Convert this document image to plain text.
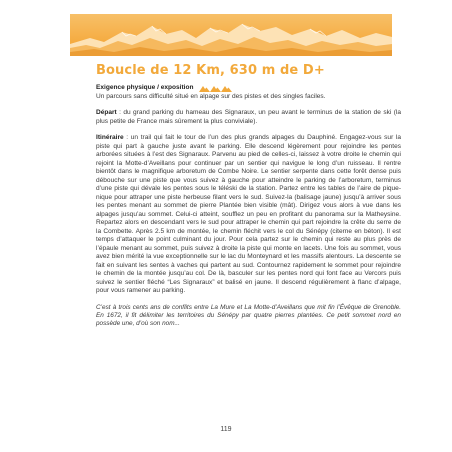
Boucle de 12 Km, 630 m de D+
Exigence physique / exposition

Un parcours sans difficulté situé en alpage sur des pistes et des singles faciles.

Départ : du grand parking du hameau des Signaraux, un peu avant le terminus de la station de ski (la plus petite de France mais sûrement la plus conviviale).

Itinéraire : un trail qui fait le tour de l’un des plus grands alpages du Dauphiné. Engagez-vous sur la piste qui part à gauche juste avant le parking. Elle descend légèrement pour rejoindre les pentes arborées situées à l’est des Signaraux. Parvenu au pied de celles-ci, laissez à votre droite le chemin qui rejoint la Motte-d’Aveillans pour continuer par un sentier qui navigue le long d’un ruisseau. Il rentre bientôt dans le magnifique arboretum de Combe Noire. Le sentier serpente dans cette forêt dense puis débouche sur une piste que vous suivez à gauche pour atteindre le parking de l’arboretum, terminus d’une piste qui dévale les pentes sous le téléski de la station. Partez entre les tables de l’aire de pique-nique pour attraper une piste herbeuse filant vers le sud. Suivez-la (balisage jaune) jusqu’à arriver sous les pentes menant au sommet de pierre Plantée bien visible (mât). Dirigez vous alors à vue dans les alpages jusqu’au sommet. Celui-ci atteint, soufflez un peu en profitant du panorama sur la Matheysine. Repartez alors en descendant vers le sud pour attraper le chemin qui part rejoindre la crête du serre de la Combette. Après 2.5 km de montée, le chemin fléchit vers le col du Sénépy (citerne en béton). Il est temps d’attaquer le point culminant du jour. Pour cela partez sur le chemin qui reste au plus près de l’épaule menant au sommet, puis suivez à droite la piste qui monte en lacets. Une fois au sommet, vous avez bien mérité la vue exceptionnelle sur le lac du Monteynard et les massifs alentours. La descente se fait en suivant les sentes à vaches qui partent au sud. Contournez rapidement le sommet pour rejoindre le chemin de la montée jusqu’au col. De là, basculer sur les pentes nord qui font face au Vercors puis suivez le sentier fléché “Les Signaraux” et balisé en jaune. Il descend régulièrement à flanc d’alpage, pour vous ramener au parking.

C’est à trois cents ans de conflits entre La Mure et La Motte-d’Aveillans que mit fin l’Évêque de Grenoble. En 1672, il fit délimiter les territoires du Sénépy par quatre pierres plantées. Ce petit sommet nord en possède une, d’où son nom...

119
